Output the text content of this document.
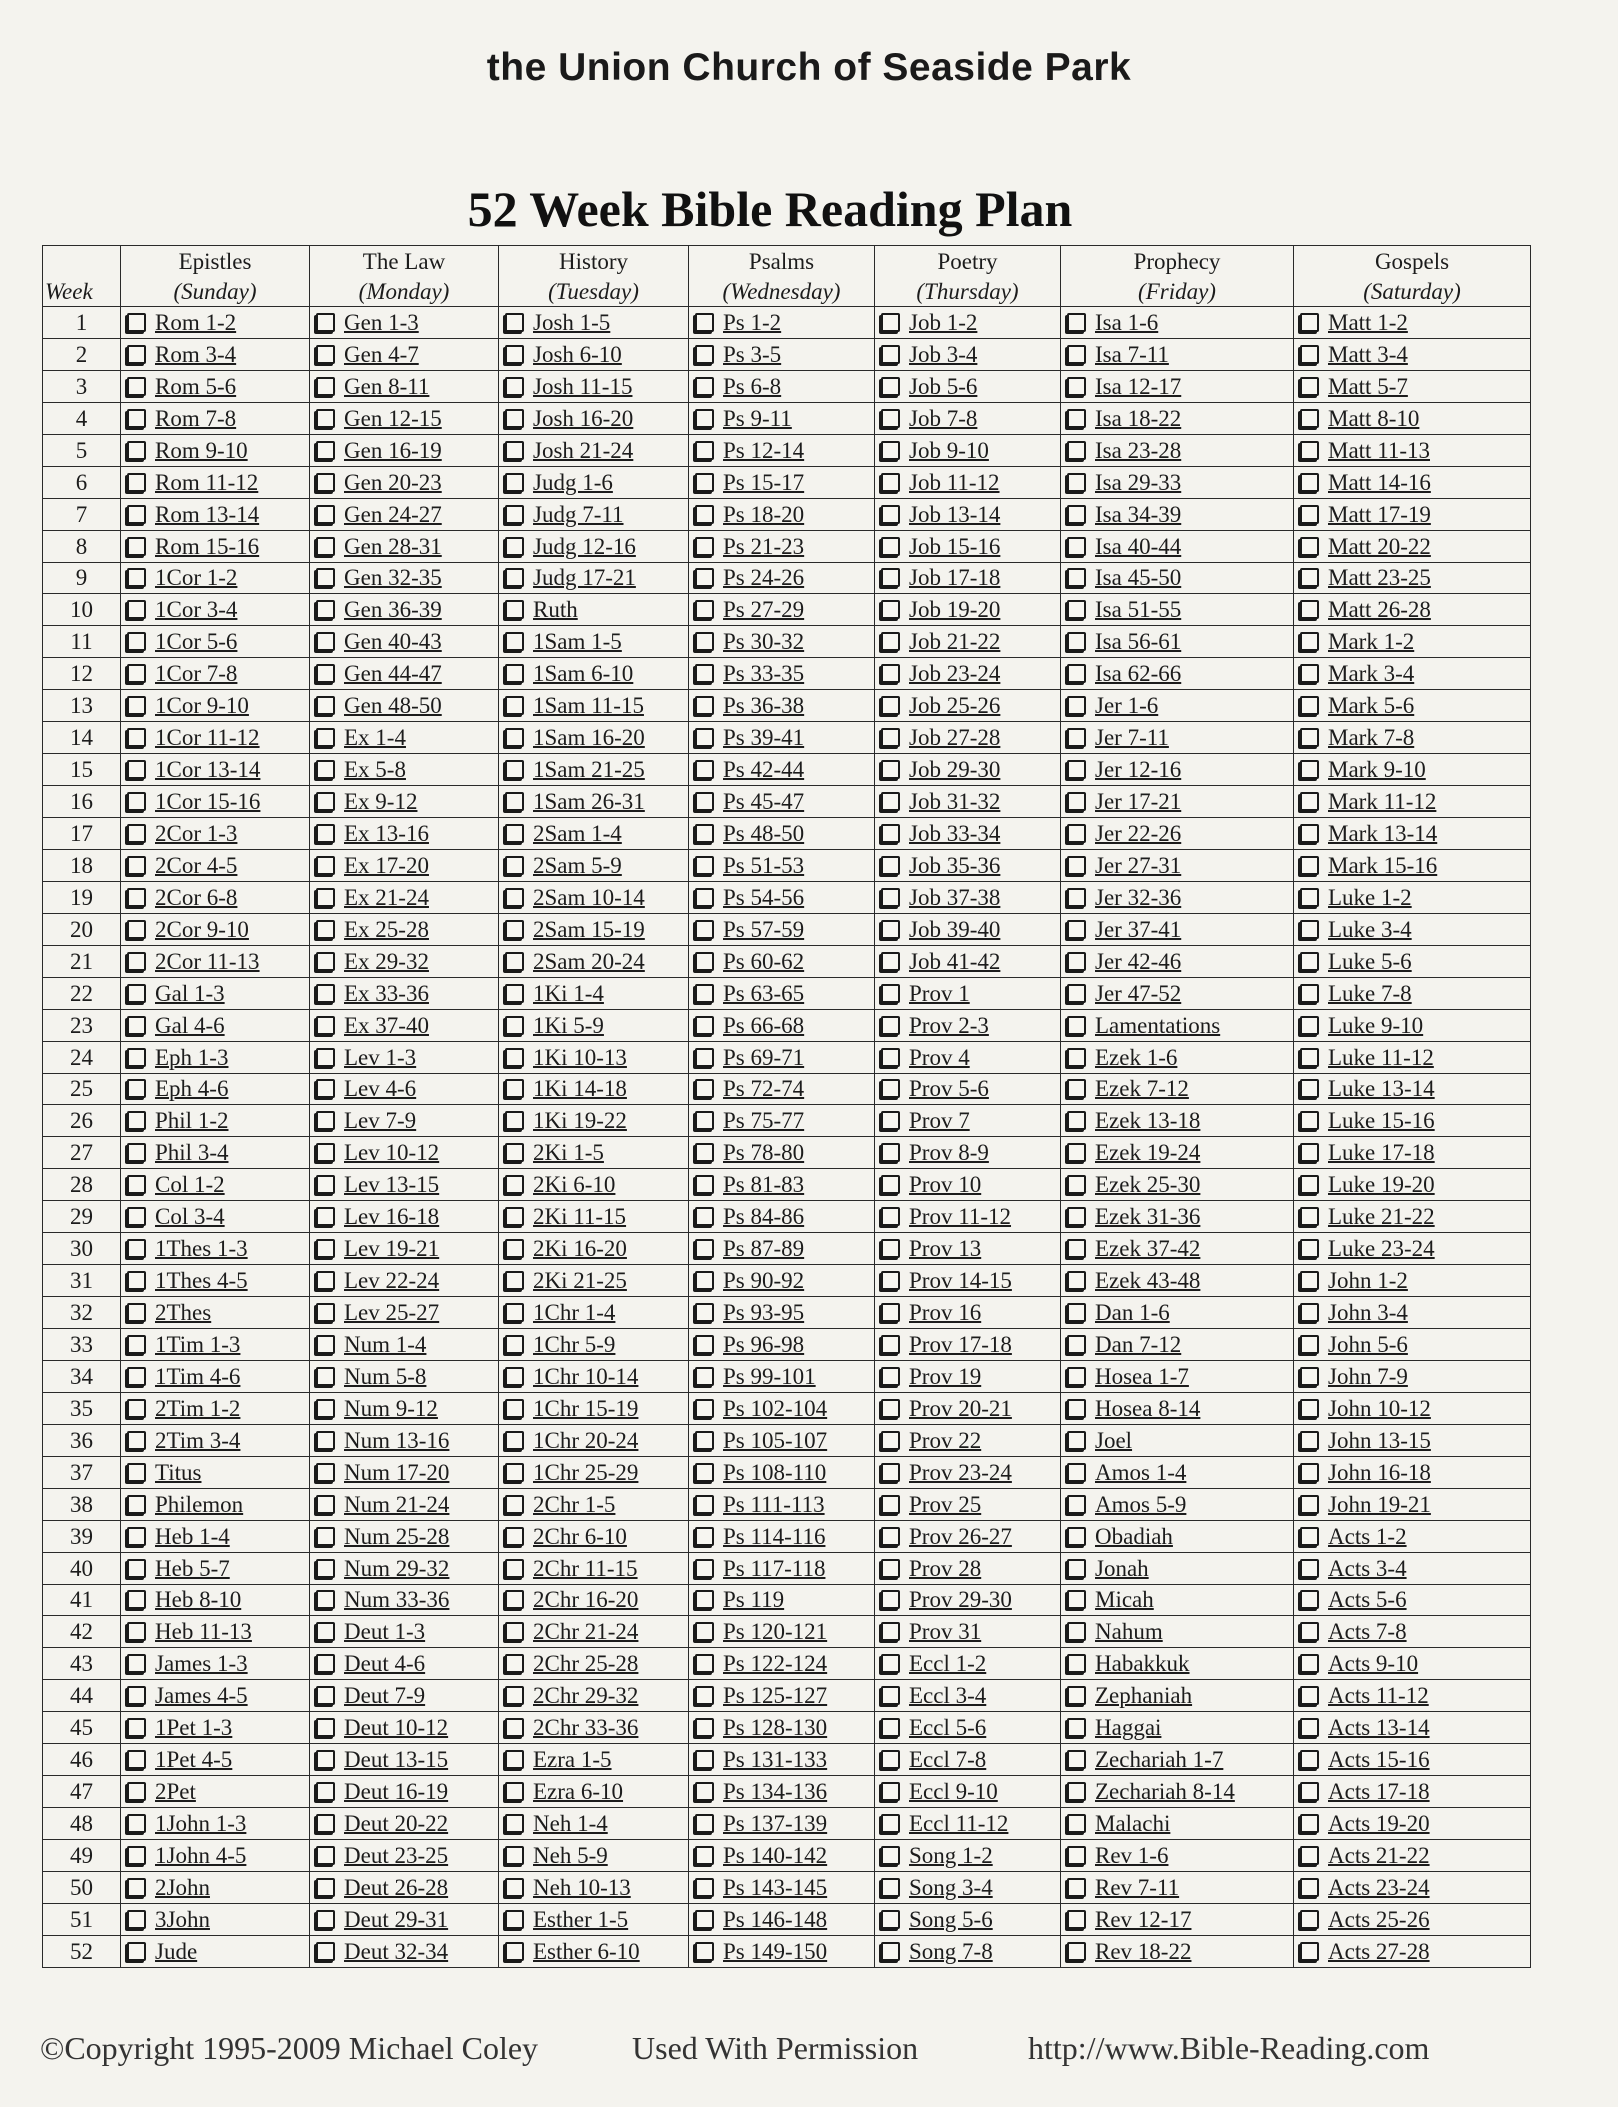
the Union Church of Seaside Park
52 Week Bible Reading Plan
	Epistles	The Law	History	Psalms	Poetry	Prophecy	Gospels
Week	(Sunday)	(Monday)	(Tuesday)	(Wednesday)	(Thursday)	(Friday)	(Saturday)
1	Rom 1-2	Gen 1-3	Josh 1-5	Ps 1-2	Job 1-2	Isa 1-6	Matt 1-2

2	Rom 3-4	Gen 4-7	Josh 6-10	Ps 3-5	Job 3-4	Isa 7-11	Matt 3-4

3	Rom 5-6	Gen 8-11	Josh 11-15	Ps 6-8	Job 5-6	Isa 12-17	Matt 5-7

4	Rom 7-8	Gen 12-15	Josh 16-20	Ps 9-11	Job 7-8	Isa 18-22	Matt 8-10

5	Rom 9-10	Gen 16-19	Josh 21-24	Ps 12-14	Job 9-10	Isa 23-28	Matt 11-13

6	Rom 11-12	Gen 20-23	Judg 1-6	Ps 15-17	Job 11-12	Isa 29-33	Matt 14-16

7	Rom 13-14	Gen 24-27	Judg 7-11	Ps 18-20	Job 13-14	Isa 34-39	Matt 17-19

8	Rom 15-16	Gen 28-31	Judg 12-16	Ps 21-23	Job 15-16	Isa 40-44	Matt 20-22

9	1Cor 1-2	Gen 32-35	Judg 17-21	Ps 24-26	Job 17-18	Isa 45-50	Matt 23-25

10	1Cor 3-4	Gen 36-39	Ruth	Ps 27-29	Job 19-20	Isa 51-55	Matt 26-28

11	1Cor 5-6	Gen 40-43	1Sam 1-5	Ps 30-32	Job 21-22	Isa 56-61	Mark 1-2

12	1Cor 7-8	Gen 44-47	1Sam 6-10	Ps 33-35	Job 23-24	Isa 62-66	Mark 3-4

13	1Cor 9-10	Gen 48-50	1Sam 11-15	Ps 36-38	Job 25-26	Jer 1-6	Mark 5-6

14	1Cor 11-12	Ex 1-4	1Sam 16-20	Ps 39-41	Job 27-28	Jer 7-11	Mark 7-8

15	1Cor 13-14	Ex 5-8	1Sam 21-25	Ps 42-44	Job 29-30	Jer 12-16	Mark 9-10

16	1Cor 15-16	Ex 9-12	1Sam 26-31	Ps 45-47	Job 31-32	Jer 17-21	Mark 11-12

17	2Cor 1-3	Ex 13-16	2Sam 1-4	Ps 48-50	Job 33-34	Jer 22-26	Mark 13-14

18	2Cor 4-5	Ex 17-20	2Sam 5-9	Ps 51-53	Job 35-36	Jer 27-31	Mark 15-16

19	2Cor 6-8	Ex 21-24	2Sam 10-14	Ps 54-56	Job 37-38	Jer 32-36	Luke 1-2

20	2Cor 9-10	Ex 25-28	2Sam 15-19	Ps 57-59	Job 39-40	Jer 37-41	Luke 3-4

21	2Cor 11-13	Ex 29-32	2Sam 20-24	Ps 60-62	Job 41-42	Jer 42-46	Luke 5-6

22	Gal 1-3	Ex 33-36	1Ki 1-4	Ps 63-65	Prov 1	Jer 47-52	Luke 7-8

23	Gal 4-6	Ex 37-40	1Ki 5-9	Ps 66-68	Prov 2-3	Lamentations	Luke 9-10

24	Eph 1-3	Lev 1-3	1Ki 10-13	Ps 69-71	Prov 4	Ezek 1-6	Luke 11-12

25	Eph 4-6	Lev 4-6	1Ki 14-18	Ps 72-74	Prov 5-6	Ezek 7-12	Luke 13-14

26	Phil 1-2	Lev 7-9	1Ki 19-22	Ps 75-77	Prov 7	Ezek 13-18	Luke 15-16

27	Phil 3-4	Lev 10-12	2Ki 1-5	Ps 78-80	Prov 8-9	Ezek 19-24	Luke 17-18

28	Col 1-2	Lev 13-15	2Ki 6-10	Ps 81-83	Prov 10	Ezek 25-30	Luke 19-20

29	Col 3-4	Lev 16-18	2Ki 11-15	Ps 84-86	Prov 11-12	Ezek 31-36	Luke 21-22

30	1Thes 1-3	Lev 19-21	2Ki 16-20	Ps 87-89	Prov 13	Ezek 37-42	Luke 23-24

31	1Thes 4-5	Lev 22-24	2Ki 21-25	Ps 90-92	Prov 14-15	Ezek 43-48	John 1-2

32	2Thes	Lev 25-27	1Chr 1-4	Ps 93-95	Prov 16	Dan 1-6	John 3-4

33	1Tim 1-3	Num 1-4	1Chr 5-9	Ps 96-98	Prov 17-18	Dan 7-12	John 5-6

34	1Tim 4-6	Num 5-8	1Chr 10-14	Ps 99-101	Prov 19	Hosea 1-7	John 7-9

35	2Tim 1-2	Num 9-12	1Chr 15-19	Ps 102-104	Prov 20-21	Hosea 8-14	John 10-12

36	2Tim 3-4	Num 13-16	1Chr 20-24	Ps 105-107	Prov 22	Joel	John 13-15

37	Titus	Num 17-20	1Chr 25-29	Ps 108-110	Prov 23-24	Amos 1-4	John 16-18

38	Philemon	Num 21-24	2Chr 1-5	Ps 111-113	Prov 25	Amos 5-9	John 19-21

39	Heb 1-4	Num 25-28	2Chr 6-10	Ps 114-116	Prov 26-27	Obadiah	Acts 1-2

40	Heb 5-7	Num 29-32	2Chr 11-15	Ps 117-118	Prov 28	Jonah	Acts 3-4

41	Heb 8-10	Num 33-36	2Chr 16-20	Ps 119	Prov 29-30	Micah	Acts 5-6

42	Heb 11-13	Deut 1-3	2Chr 21-24	Ps 120-121	Prov 31	Nahum	Acts 7-8

43	James 1-3	Deut 4-6	2Chr 25-28	Ps 122-124	Eccl 1-2	Habakkuk	Acts 9-10

44	James 4-5	Deut 7-9	2Chr 29-32	Ps 125-127	Eccl 3-4	Zephaniah	Acts 11-12

45	1Pet 1-3	Deut 10-12	2Chr 33-36	Ps 128-130	Eccl 5-6	Haggai	Acts 13-14

46	1Pet 4-5	Deut 13-15	Ezra 1-5	Ps 131-133	Eccl 7-8	Zechariah 1-7	Acts 15-16

47	2Pet	Deut 16-19	Ezra 6-10	Ps 134-136	Eccl 9-10	Zechariah 8-14	Acts 17-18

48	1John 1-3	Deut 20-22	Neh 1-4	Ps 137-139	Eccl 11-12	Malachi	Acts 19-20

49	1John 4-5	Deut 23-25	Neh 5-9	Ps 140-142	Song 1-2	Rev 1-6	Acts 21-22

50	2John	Deut 26-28	Neh 10-13	Ps 143-145	Song 3-4	Rev 7-11	Acts 23-24

51	3John	Deut 29-31	Esther 1-5	Ps 146-148	Song 5-6	Rev 12-17	Acts 25-26

52	Jude	Deut 32-34	Esther 6-10	Ps 149-150	Song 7-8	Rev 18-22	Acts 27-28
©Copyright 1995-2009 Michael Coley	Used With Permission	http://www.Bible-Reading.com
